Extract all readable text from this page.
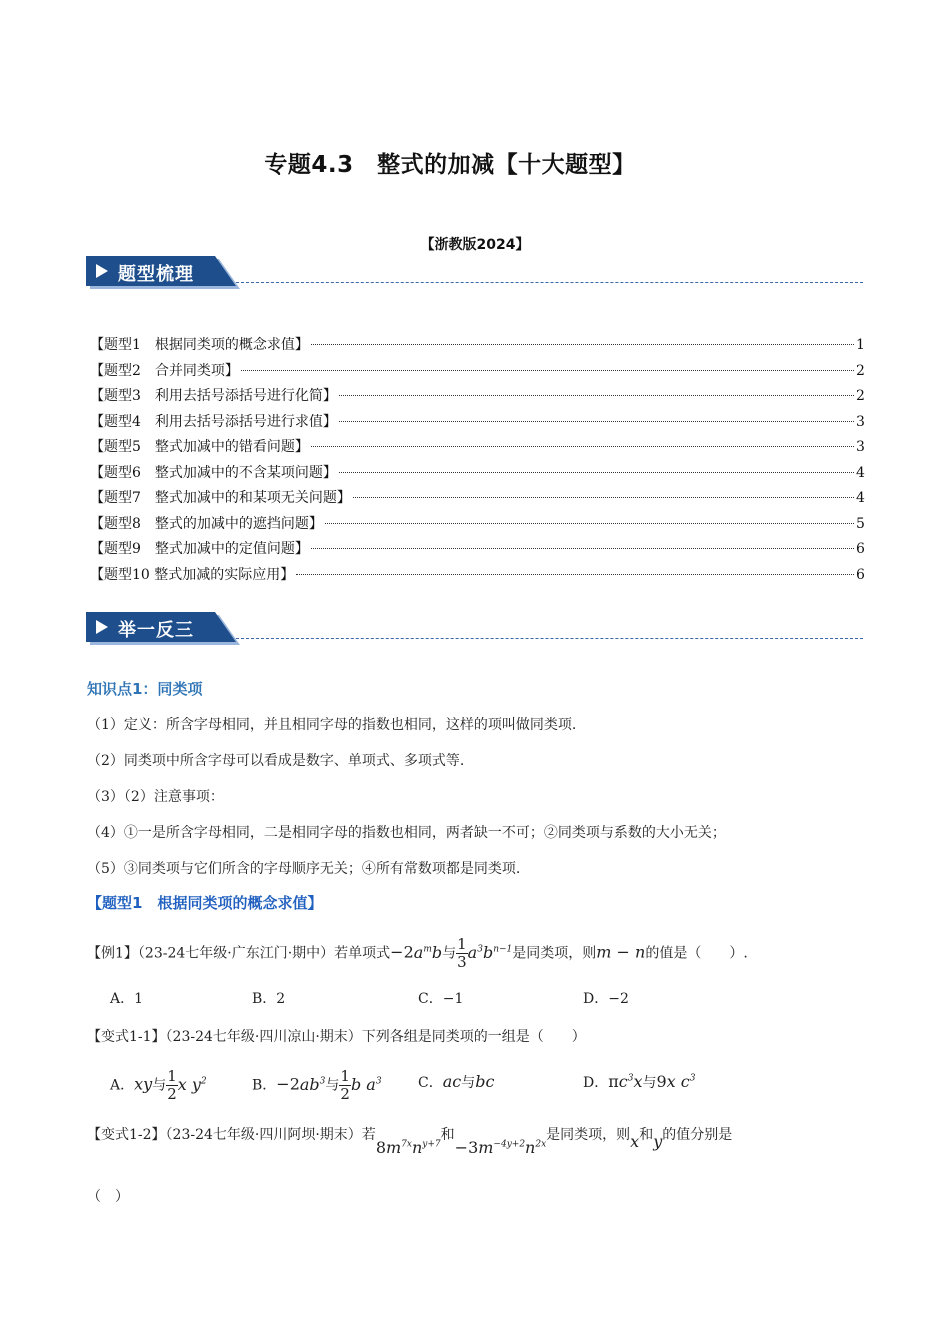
专题4.3　整式的加减【十大题型】
【浙教版2024】
题型梳理
【题型1　根据同类项的概念求值】	1
【题型2　合并同类项】	2
【题型3　利用去括号添括号进行化简】	2
【题型4　利用去括号添括号进行求值】	3
【题型5　整式加减中的错看问题】	3
【题型6　整式加减中的不含某项问题】	4
【题型7　整式加减中的和某项无关问题】	4
【题型8　整式的加减中的遮挡问题】	5
【题型9　整式加减中的定值问题】	6
【题型10 整式加减的实际应用】	6
举一反三
知识点1：同类项
（1）定义：所含字母相同，并且相同字母的指数也相同，这样的项叫做同类项.
（2）同类项中所含字母可以看成是数字、单项式、多项式等.
（3）（2）注意事项：
（4）①一是所含字母相同，二是相同字母的指数也相同，两者缺一不可；②同类项与系数的大小无关；
（5）③同类项与它们所含的字母顺序无关；④所有常数项都是同类项.
【题型1　根据同类项的概念求值】
【例1】（23-24七年级·广东江门·期中）若单项式$-2a^mb$与 $\frac{1}{3} a^3b^{n-1}$是同类项，则m − n的值是（　　）.
A．1	B．2	C．−1	D．−2
【变式1-1】（23-24七年级·四川凉山·期末）下列各组是同类项的一组是（　　）
A．xy与 $\frac{1}{2}$ x $y^2$	B．$-2ab^3$与 $\frac{1}{2}$ b $a^3$	C．ac与bc	D．$\pi c^3x$与9x $c^3$
【变式1-2】（23-24七年级·四川阿坝·期末）若$8m^{7x}n^{y+7}$和$-3m^{-4y+2}n^{2x}$是同类项，则x和y的值分别是
（　）
